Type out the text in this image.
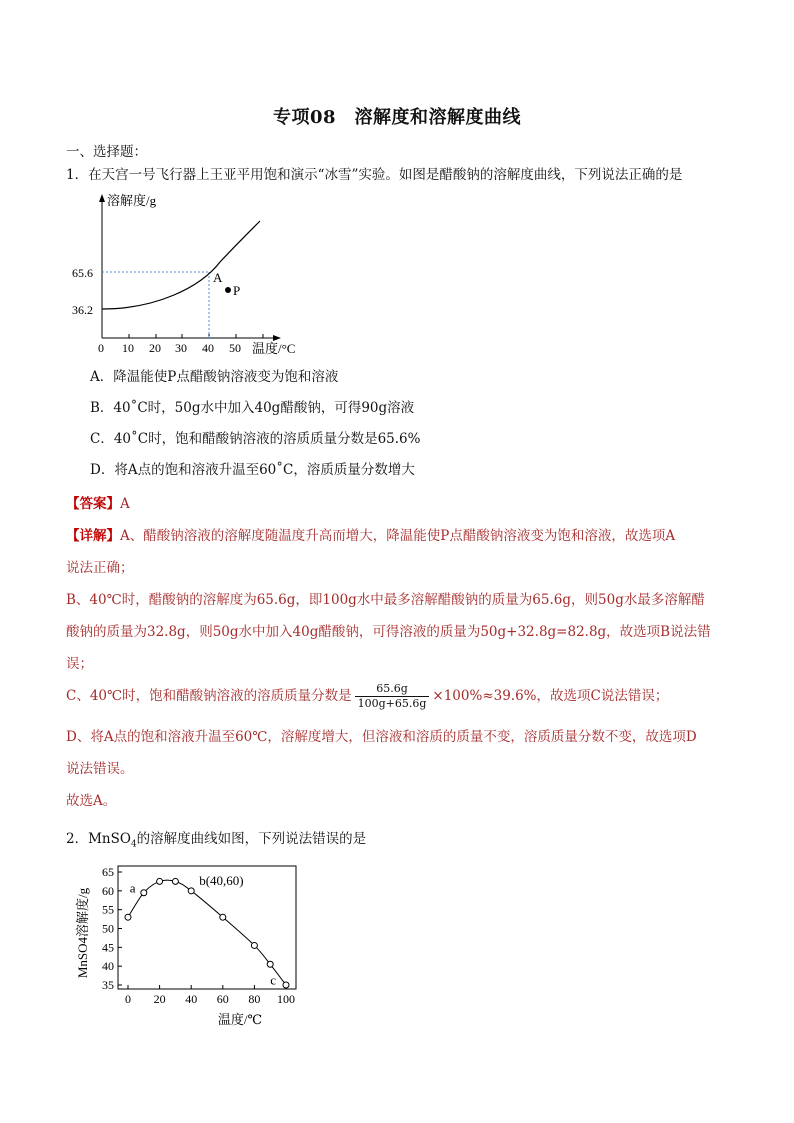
专项08　溶解度和溶解度曲线
一、选择题：
1．在天宫一号飞行器上王亚平用饱和演示“冰雪”实验。如图是醋酸钠的溶解度曲线，下列说法正确的是
溶解度/g
65.6
36.2
0 10 20 30 40 50 温度/°C
A
P
A．降温能使P点醋酸钠溶液变为饱和溶液
B．40˚C时，50g水中加入40g醋酸钠，可得90g溶液
C．40˚C时，饱和醋酸钠溶液的溶质质量分数是65.6%
D．将A点的饱和溶液升温至60˚C，溶质质量分数增大
【答案】A
【详解】A、醋酸钠溶液的溶解度随温度升高而增大，降温能使P点醋酸钠溶液变为饱和溶液，故选项A
说法正确；
B、40℃时，醋酸钠的溶解度为65.6g，即100g水中最多溶解醋酸钠的质量为65.6g，则50g水最多溶解醋
酸钠的质量为32.8g，则50g水中加入40g醋酸钠，可得溶液的质量为50g+32.8g=82.8g，故选项B说法错
误；
C、40℃时，饱和醋酸钠溶液的溶质质量分数是 $\frac{65.6g}{100g+65.6g} \times 100\%\approx 39.6\%$，故选项C说法错误；
D、将A点的饱和溶液升温至60℃，溶解度增大，但溶液和溶质的质量不变，溶质质量分数不变，故选项D
说法错误。
故选A。
2．MnSO$_4$的溶解度曲线如图，下列说法错误的是
MnSO4溶解度/g
温度/℃
35
40
45
50
55
60
65
0 20 40 60 80 100
a
b(40,60)
c
